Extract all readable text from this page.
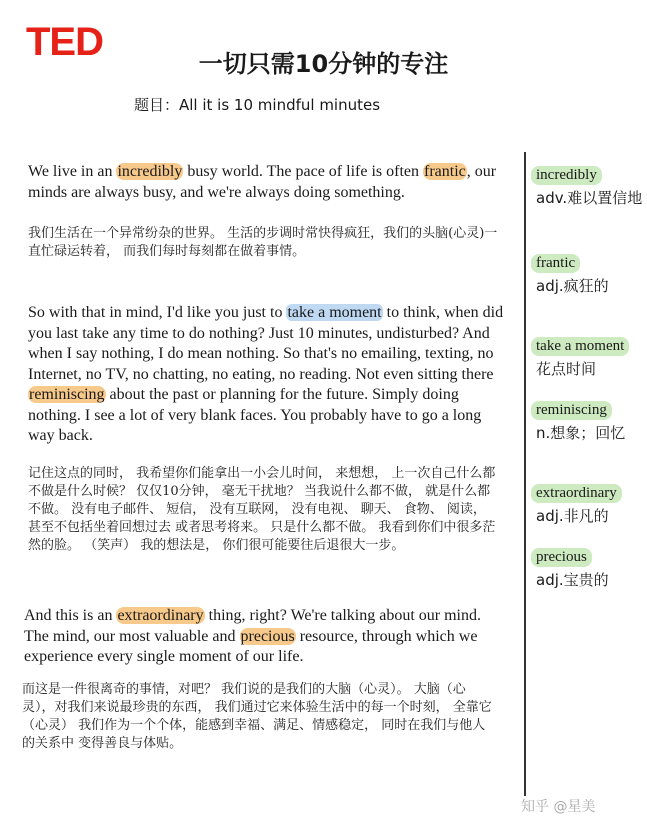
TED	一切只需10分钟的专注
题目：All it is 10 mindful minutes
We live in an incredibly busy world. The pace of life is often frantic, our minds are always busy, and we're always doing something.
我们生活在一个异常纷杂的世界。 生活的步调时常快得疯狂，我们的头脑(心灵)一直忙碌运转着， 而我们每时每刻都在做着事情。
So with that in mind, I'd like you just to take a moment to think, when did you last take any time to do nothing? Just 10 minutes, undisturbed? And when I say nothing, I do mean nothing. So that's no emailing, texting, no Internet, no TV, no chatting, no eating, no reading. Not even sitting there reminiscing about the past or planning for the future. Simply doing nothing. I see a lot of very blank faces. You probably have to go a long way back.
记住这点的同时， 我希望你们能拿出一小会儿时间， 来想想， 上一次自己什么都不做是什么时候？ 仅仅10分钟， 毫无干扰地？ 当我说什么都不做， 就是什么都不做。 没有电子邮件、 短信， 没有互联网， 没有电视、 聊天、 食物、 阅读， 甚至不包括坐着回想过去 或者思考将来。 只是什么都不做。 我看到你们中很多茫然的脸。 （笑声） 我的想法是， 你们很可能要往后退很大一步。
And this is an extraordinary thing, right? We're talking about our mind. The mind, our most valuable and precious resource, through which we experience every single moment of our life.
而这是一件很离奇的事情，对吧？ 我们说的是我们的大脑（心灵）。 大脑（心灵），对我们来说最珍贵的东西， 我们通过它来体验生活中的每一个时刻， 全靠它（心灵） 我们作为一个个体，能感到幸福、满足、情感稳定， 同时在我们与他人的关系中 变得善良与体贴。
incredibly
adv.难以置信地
frantic
adj.疯狂的
take a moment
花点时间
reminiscing
n.想象；回忆
extraordinary
adj.非凡的
precious
adj.宝贵的
知乎 @星美
